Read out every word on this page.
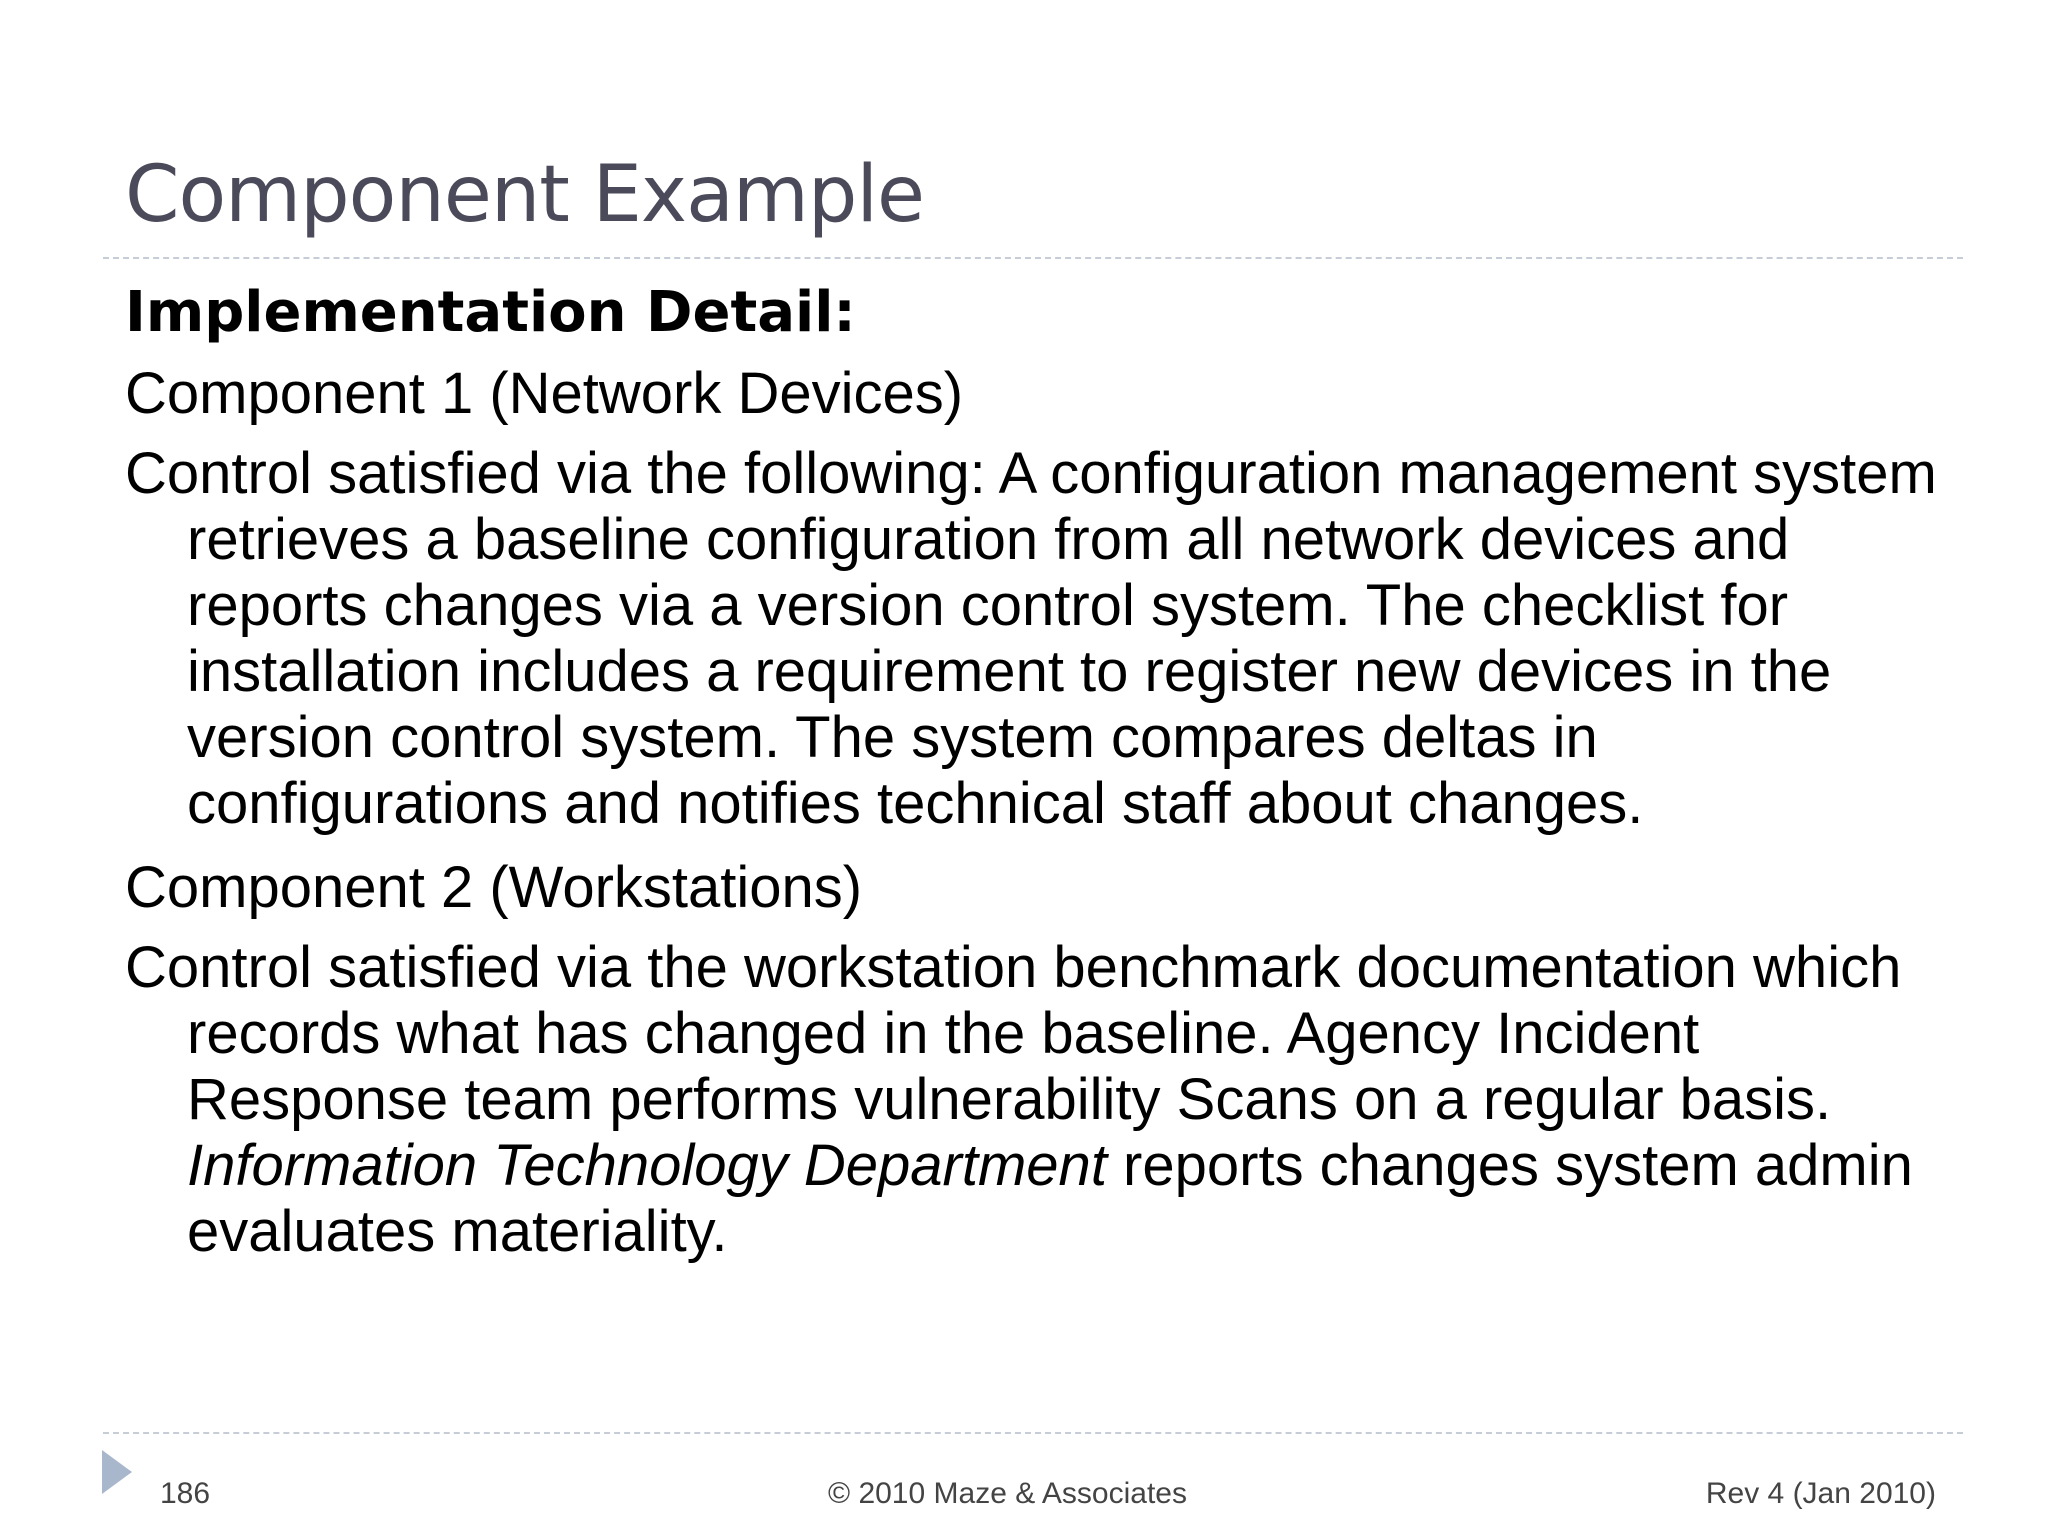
Component Example
Implementation Detail:
Component 1 (Network Devices)
Control satisfied via the following: A configuration management system retrieves a baseline configuration from all network devices and reports changes via a version control system. The checklist for installation includes a requirement to register new devices in the version control system. The system compares deltas in configurations and notifies technical staff about changes.
Component 2 (Workstations)
Control satisfied via the workstation benchmark documentation which records what has changed in the baseline. Agency Incident Response team performs vulnerability Scans on a regular basis. Information Technology Department reports changes system admin evaluates materiality.
186	© 2010 Maze & Associates	Rev 4 (Jan 2010)
